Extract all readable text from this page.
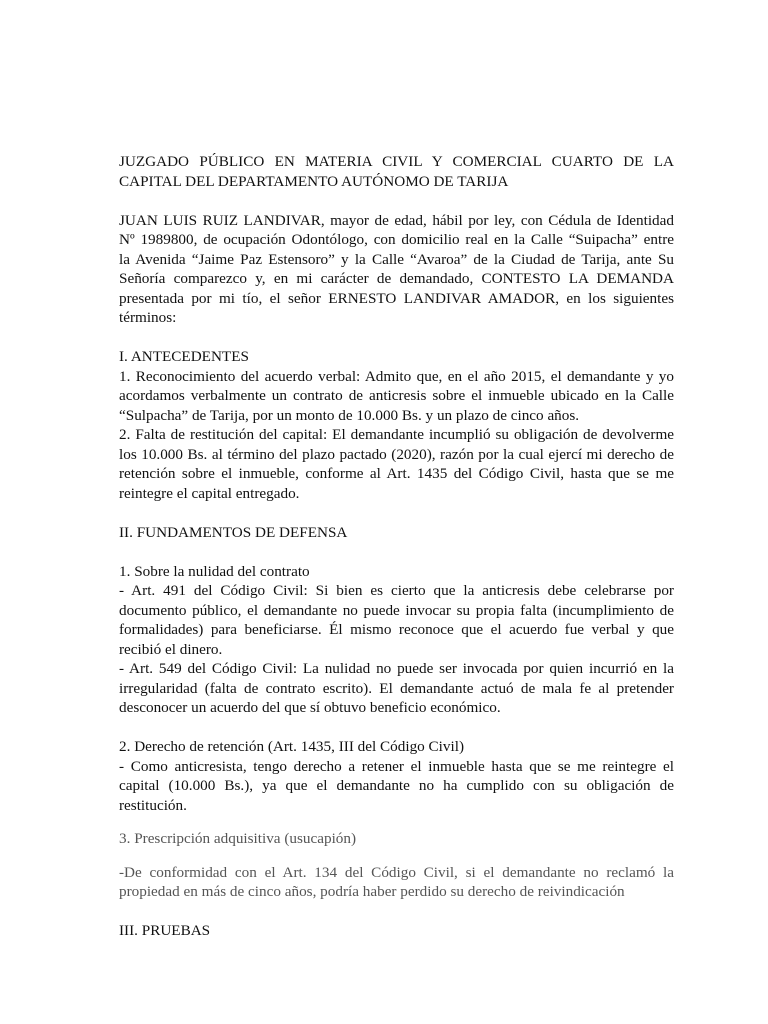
JUZGADO PÚBLICO EN MATERIA CIVIL Y COMERCIAL CUARTO DE LA
CAPITAL DEL DEPARTAMENTO AUTÓNOMO DE TARIJA
JUAN LUIS RUIZ LANDIVAR, mayor de edad, hábil por ley, con Cédula de Identidad
Nº 1989800, de ocupación Odontólogo, con domicilio real en la Calle “Suipacha” entre
la Avenida “Jaime Paz Estensoro” y la Calle “Avaroa” de la Ciudad de Tarija, ante Su
Señoría comparezco y, en mi carácter de demandado, CONTESTO LA DEMANDA
presentada por mi tío, el señor ERNESTO LANDIVAR AMADOR, en los siguientes
términos:
I. ANTECEDENTES
1. Reconocimiento del acuerdo verbal: Admito que, en el año 2015, el demandante y yo
acordamos verbalmente un contrato de anticresis sobre el inmueble ubicado en la Calle
“Sulpacha” de Tarija, por un monto de 10.000 Bs. y un plazo de cinco años.
2. Falta de restitución del capital: El demandante incumplió su obligación de devolverme
los 10.000 Bs. al término del plazo pactado (2020), razón por la cual ejercí mi derecho de
retención sobre el inmueble, conforme al Art. 1435 del Código Civil, hasta que se me
reintegre el capital entregado.
II. FUNDAMENTOS DE DEFENSA
1. Sobre la nulidad del contrato
- Art. 491 del Código Civil: Si bien es cierto que la anticresis debe celebrarse por
documento público, el demandante no puede invocar su propia falta (incumplimiento de
formalidades) para beneficiarse. Él mismo reconoce que el acuerdo fue verbal y que
recibió el dinero.
- Art. 549 del Código Civil: La nulidad no puede ser invocada por quien incurrió en la
irregularidad (falta de contrato escrito). El demandante actuó de mala fe al pretender
desconocer un acuerdo del que sí obtuvo beneficio económico.
2. Derecho de retención (Art. 1435, III del Código Civil)
- Como anticresista, tengo derecho a retener el inmueble hasta que se me reintegre el
capital (10.000 Bs.), ya que el demandante no ha cumplido con su obligación de
restitución.
3. Prescripción adquisitiva (usucapión)
-De conformidad con el Art. 134 del Código Civil, si el demandante no reclamó la
propiedad en más de cinco años, podría haber perdido su derecho de reivindicación
III. PRUEBAS
